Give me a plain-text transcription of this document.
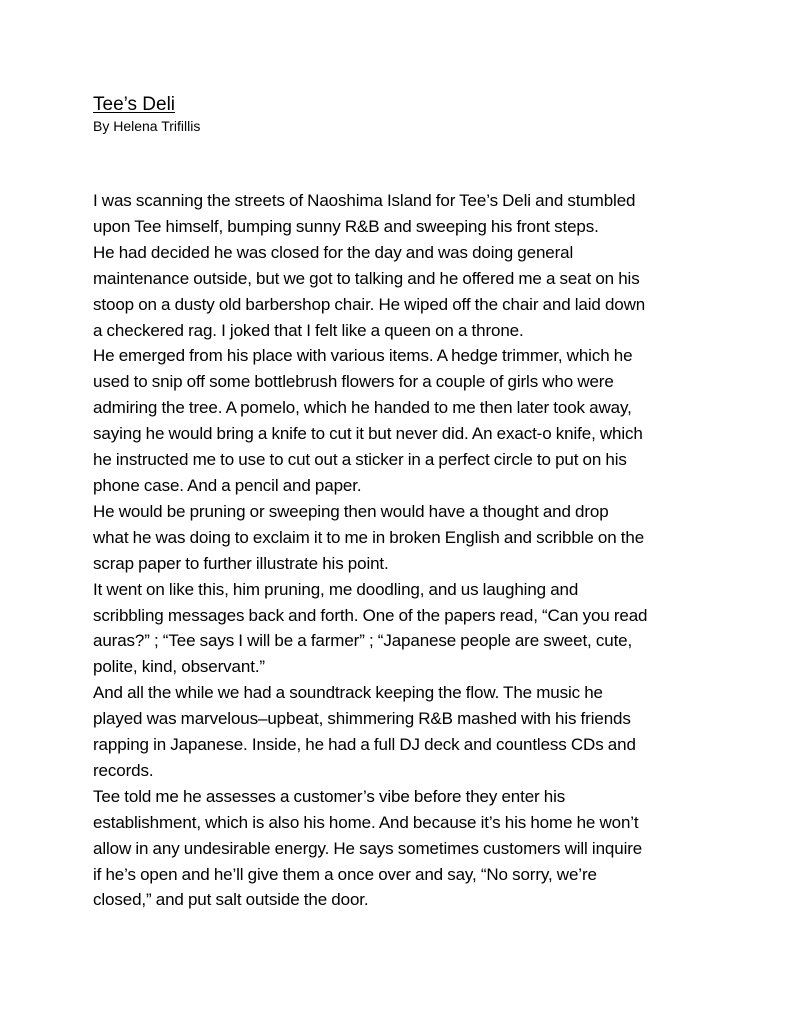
Tee’s Deli
By Helena Trifillis
I was scanning the streets of Naoshima Island for Tee’s Deli and stumbled
upon Tee himself, bumping sunny R&B and sweeping his front steps.
He had decided he was closed for the day and was doing general
maintenance outside, but we got to talking and he offered me a seat on his
stoop on a dusty old barbershop chair. He wiped off the chair and laid down
a checkered rag. I joked that I felt like a queen on a throne.
He emerged from his place with various items. A hedge trimmer, which he
used to snip off some bottlebrush flowers for a couple of girls who were
admiring the tree. A pomelo, which he handed to me then later took away,
saying he would bring a knife to cut it but never did. An exact-o knife, which
he instructed me to use to cut out a sticker in a perfect circle to put on his
phone case. And a pencil and paper.
He would be pruning or sweeping then would have a thought and drop
what he was doing to exclaim it to me in broken English and scribble on the
scrap paper to further illustrate his point.
It went on like this, him pruning, me doodling, and us laughing and
scribbling messages back and forth. One of the papers read, “Can you read
auras?” ; “Tee says I will be a farmer” ; “Japanese people are sweet, cute,
polite, kind, observant.”
And all the while we had a soundtrack keeping the flow. The music he
played was marvelous–upbeat, shimmering R&B mashed with his friends
rapping in Japanese. Inside, he had a full DJ deck and countless CDs and
records.
Tee told me he assesses a customer’s vibe before they enter his
establishment, which is also his home. And because it’s his home he won’t
allow in any undesirable energy. He says sometimes customers will inquire
if he’s open and he’ll give them a once over and say, “No sorry, we’re
closed,” and put salt outside the door.
